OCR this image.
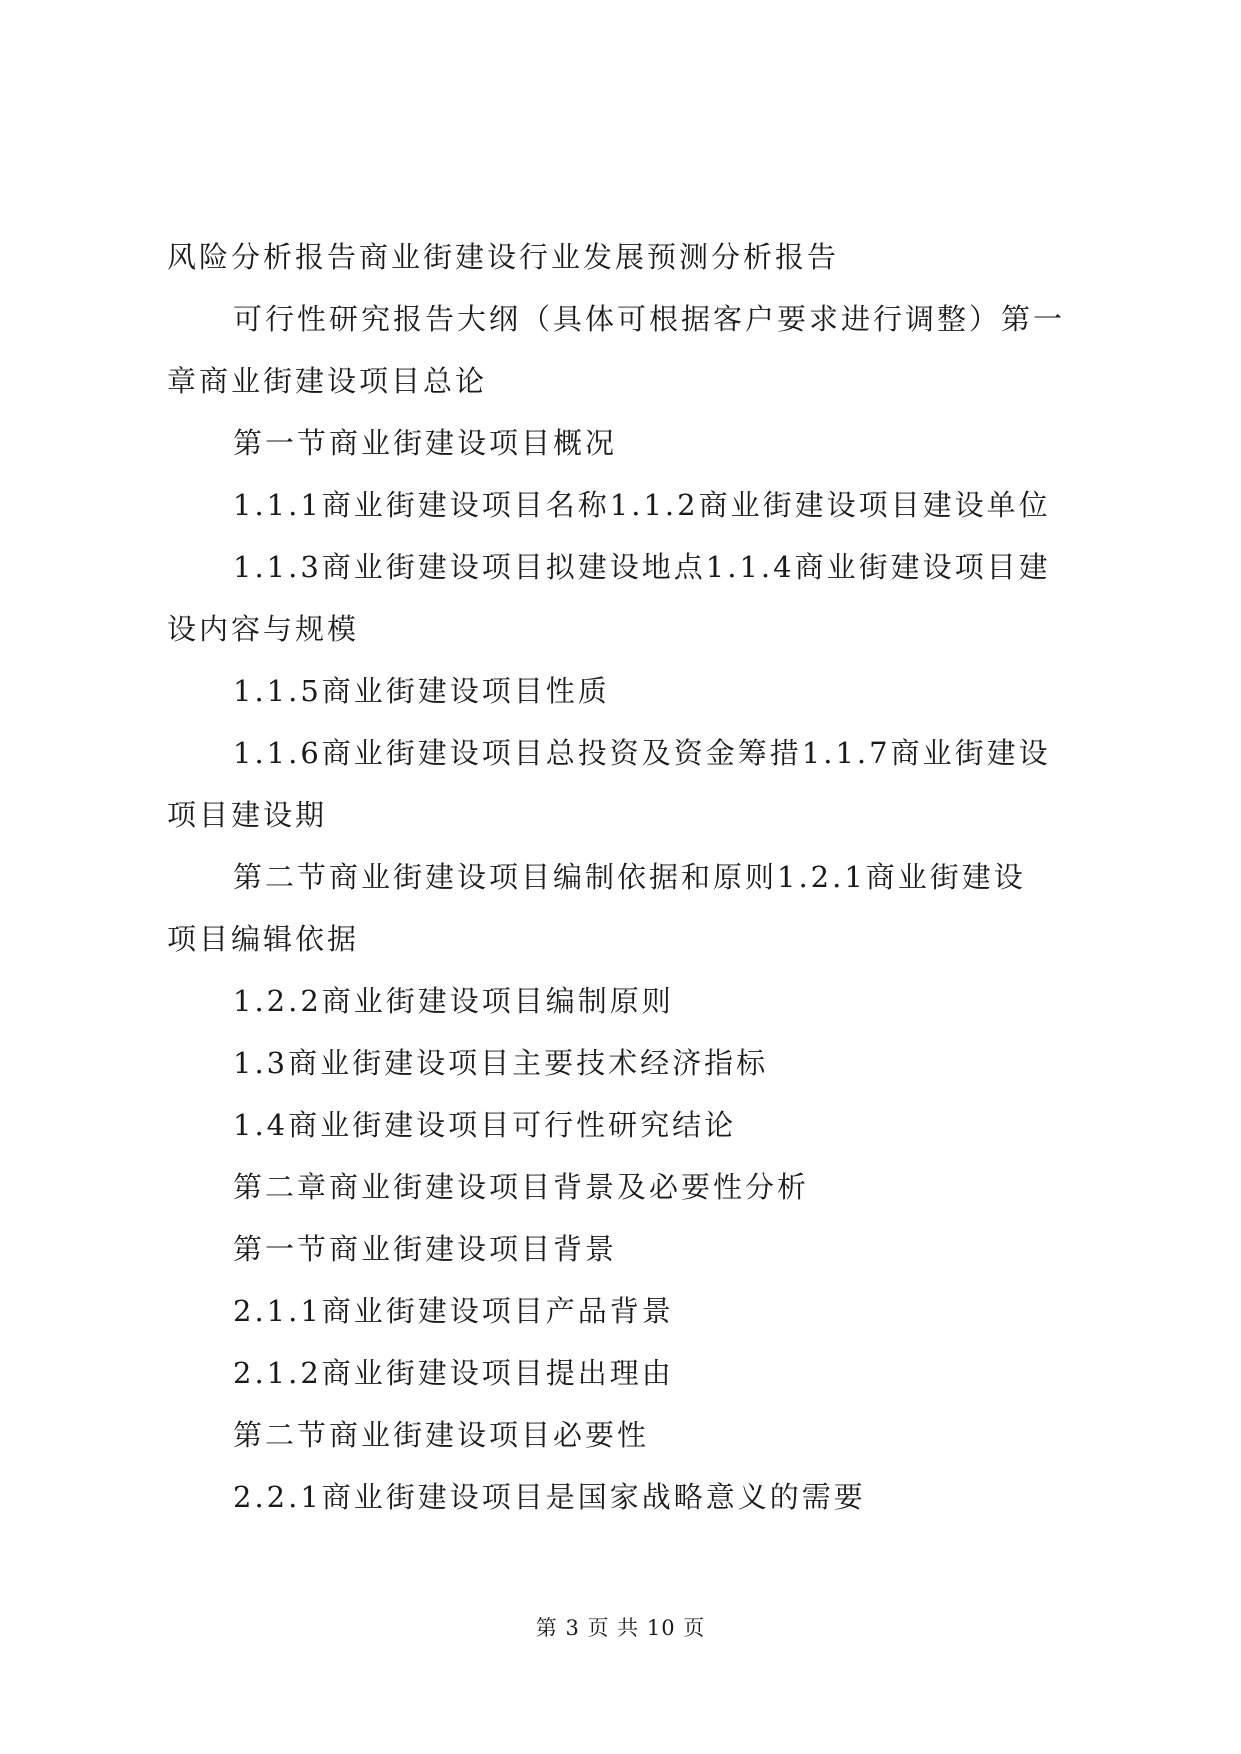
风险分析报告商业街建设行业发展预测分析报告
可行性研究报告大纲（具体可根据客户要求进行调整）第一
章商业街建设项目总论
第一节商业街建设项目概况
1.1.1商业街建设项目名称1.1.2商业街建设项目建设单位
1.1.3商业街建设项目拟建设地点1.1.4商业街建设项目建
设内容与规模
1.1.5商业街建设项目性质
1.1.6商业街建设项目总投资及资金筹措1.1.7商业街建设
项目建设期
第二节商业街建设项目编制依据和原则1.2.1商业街建设
项目编辑依据
1.2.2商业街建设项目编制原则
1.3商业街建设项目主要技术经济指标
1.4商业街建设项目可行性研究结论
第二章商业街建设项目背景及必要性分析
第一节商业街建设项目背景
2.1.1商业街建设项目产品背景
2.1.2商业街建设项目提出理由
第二节商业街建设项目必要性
2.2.1商业街建设项目是国家战略意义的需要
第 3 页 共 10 页
